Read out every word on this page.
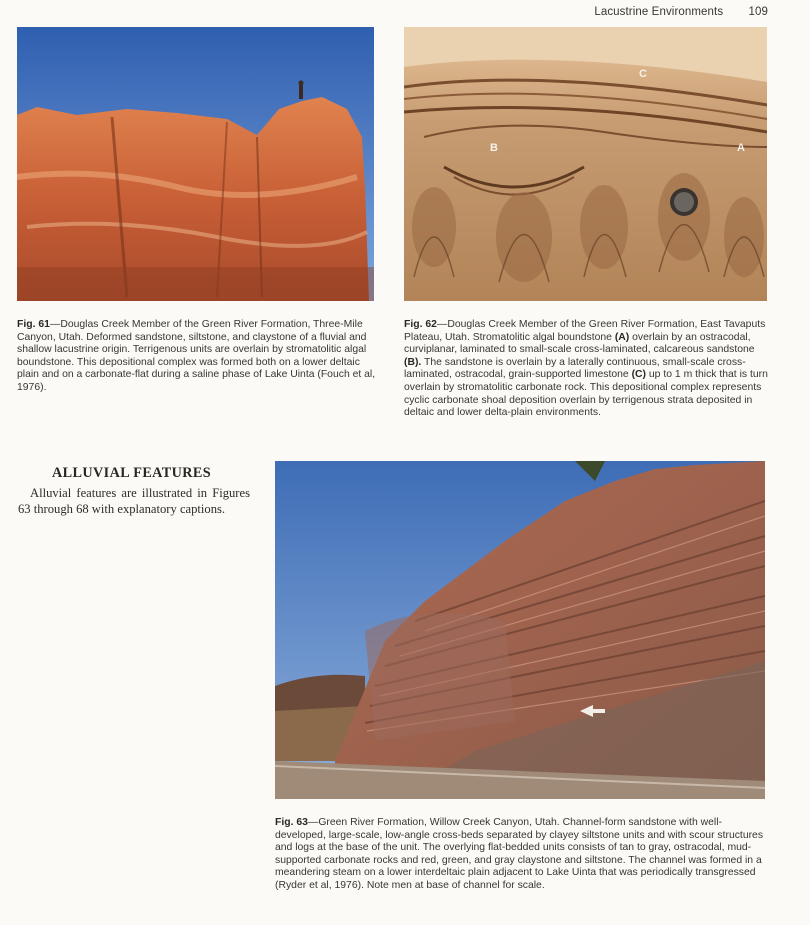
Lacustrine Environments 109
C
B	A
Fig. 61—Douglas Creek Member of the Green River Formation, Three-Mile Canyon, Utah. Deformed sandstone, siltstone, and claystone of a fluvial and shallow lacustrine origin. Terrigenous units are overlain by stromatolitic algal boundstone. This depositional complex was formed both on a lower deltaic plain and on a carbonate-flat during a saline phase of Lake Uinta (Fouch et al, 1976).
Fig. 62—Douglas Creek Member of the Green River Formation, East Tavaputs Plateau, Utah. Stromatolitic algal boundstone (A) overlain by an ostracodal, curviplanar, laminated to small-scale cross-laminated, calcareous sandstone (B). The sandstone is overlain by a laterally continuous, small-scale cross-laminated, ostracodal, grain-supported limestone (C) up to 1 m thick that is turn overlain by stromatolitic carbonate rock. This depositional complex represents cyclic carbonate shoal deposition overlain by terrigenous strata deposited in deltaic and lower delta-plain environments.
ALLUVIAL FEATURES
Alluvial features are illustrated in Figures 63 through 68 with explanatory captions.
Fig. 63—Green River Formation, Willow Creek Canyon, Utah. Channel-form sandstone with well-developed, large-scale, low-angle cross-beds separated by clayey siltstone units and with scour structures and logs at the base of the unit. The overlying flat-bedded units consists of tan to gray, ostracodal, mud-supported carbonate rocks and red, green, and gray claystone and siltstone. The channel was formed in a meandering steam on a lower interdeltaic plain adjacent to Lake Uinta that was periodically transgressed (Ryder et al, 1976). Note men at base of channel for scale.
